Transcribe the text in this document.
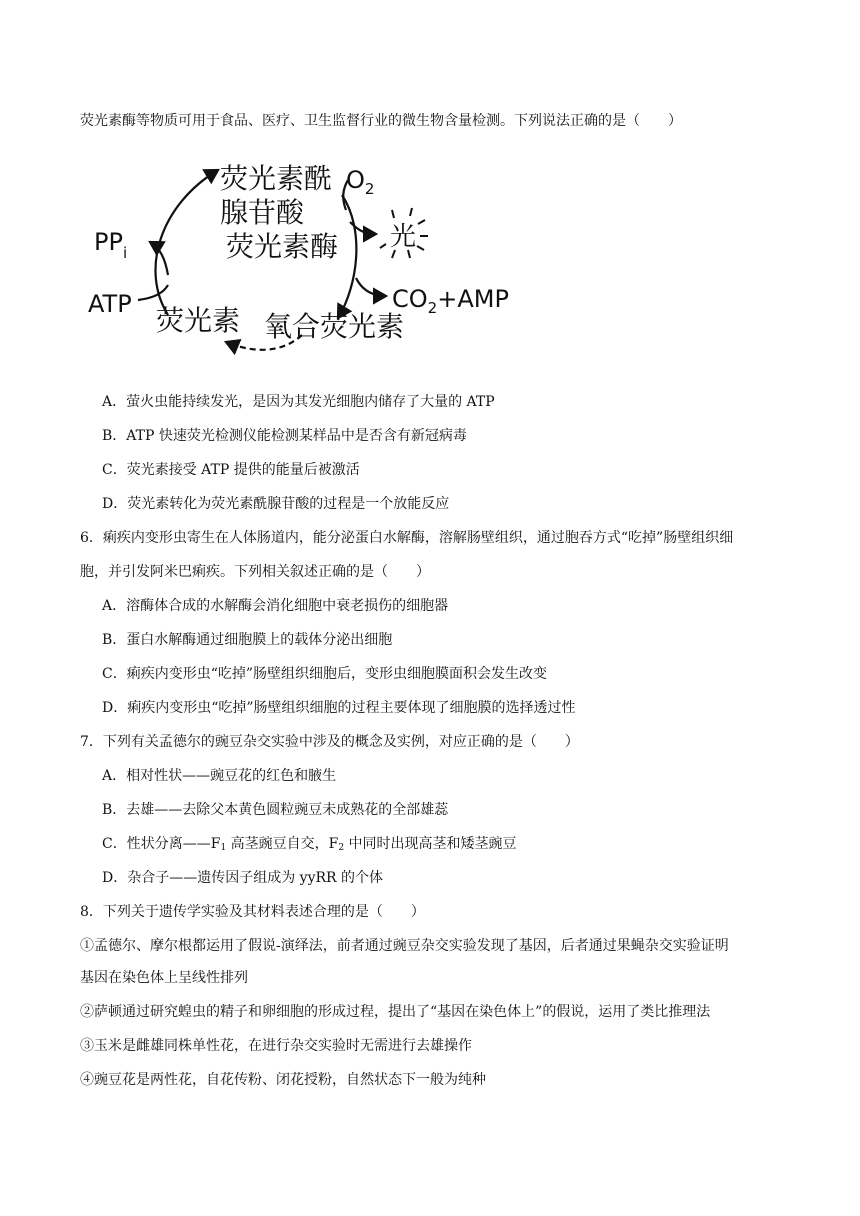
荧光素酶等物质可用于食品、医疗、卫生监督行业的微生物含量检测。下列说法正确的是（　　）
荧光素酰
腺苷酸
荧光素酶
$O_2$
光
$PP_i$
ATP 荧光素 氧合荧光素
$CO_2+AMP$
A．萤火虫能持续发光，是因为其发光细胞内储存了大量的 ATP
B．ATP 快速荧光检测仪能检测某样品中是否含有新冠病毒
C．荧光素接受 ATP 提供的能量后被激活
D．荧光素转化为荧光素酰腺苷酸的过程是一个放能反应
6．痢疾内变形虫寄生在人体肠道内，能分泌蛋白水解酶，溶解肠壁组织，通过胞吞方式“吃掉”肠壁组织细
胞，并引发阿米巴痢疾。下列相关叙述正确的是（　　）
A．溶酶体合成的水解酶会消化细胞中衰老损伤的细胞器
B．蛋白水解酶通过细胞膜上的载体分泌出细胞
C．痢疾内变形虫“吃掉”肠壁组织细胞后，变形虫细胞膜面积会发生改变
D．痢疾内变形虫“吃掉”肠壁组织细胞的过程主要体现了细胞膜的选择透过性
7．下列有关孟德尔的豌豆杂交实验中涉及的概念及实例，对应正确的是（　　）
A．相对性状——豌豆花的红色和腋生
B．去雄——去除父本黄色圆粒豌豆未成熟花的全部雄蕊
C．性状分离$——F_1$ 高茎豌豆自交，$F_2$ 中同时出现高茎和矮茎豌豆
D．杂合子——遗传因子组成为 yyRR 的个体
8．下列关于遗传学实验及其材料表述合理的是（　　）
①孟德尔、摩尔根都运用了假说-演绎法，前者通过豌豆杂交实验发现了基因，后者通过果蝇杂交实验证明
基因在染色体上呈线性排列
②萨顿通过研究蝗虫的精子和卵细胞的形成过程，提出了“基因在染色体上”的假说，运用了类比推理法
③玉米是雌雄同株单性花，在进行杂交实验时无需进行去雄操作
④豌豆花是两性花，自花传粉、闭花授粉，自然状态下一般为纯种
